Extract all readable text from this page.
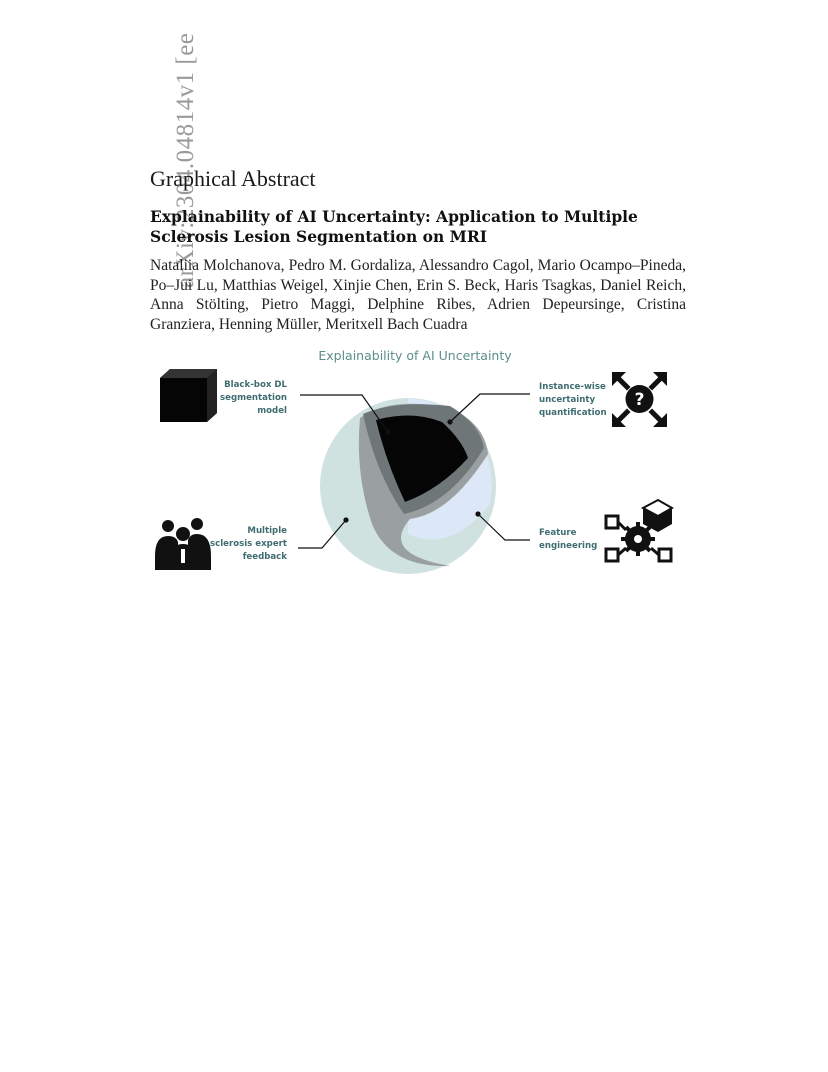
arXiv:2304.04814v1 [ee
Graphical Abstract
Explainability of AI Uncertainty: Application to Multiple Sclerosis Lesion Segmentation on MRI
Nataliia Molchanova, Pedro M. Gordaliza, Alessandro Cagol, Mario Ocampo–Pineda, Po–Jui Lu, Matthias Weigel, Xinjie Chen, Erin S. Beck, Haris Tsagkas, Daniel Reich, Anna Stölting, Pietro Maggi, Delphine Ribes, Adrien Depeursinge, Cristina Granziera, Henning Müller, Meritxell Bach Cuadra
Explainability of AI Uncertainty
?
Black-box DL
segmentation
model
Instance-wise
uncertainty
quantification
Multiple
sclerosis expert
feedback
Feature
engineering
